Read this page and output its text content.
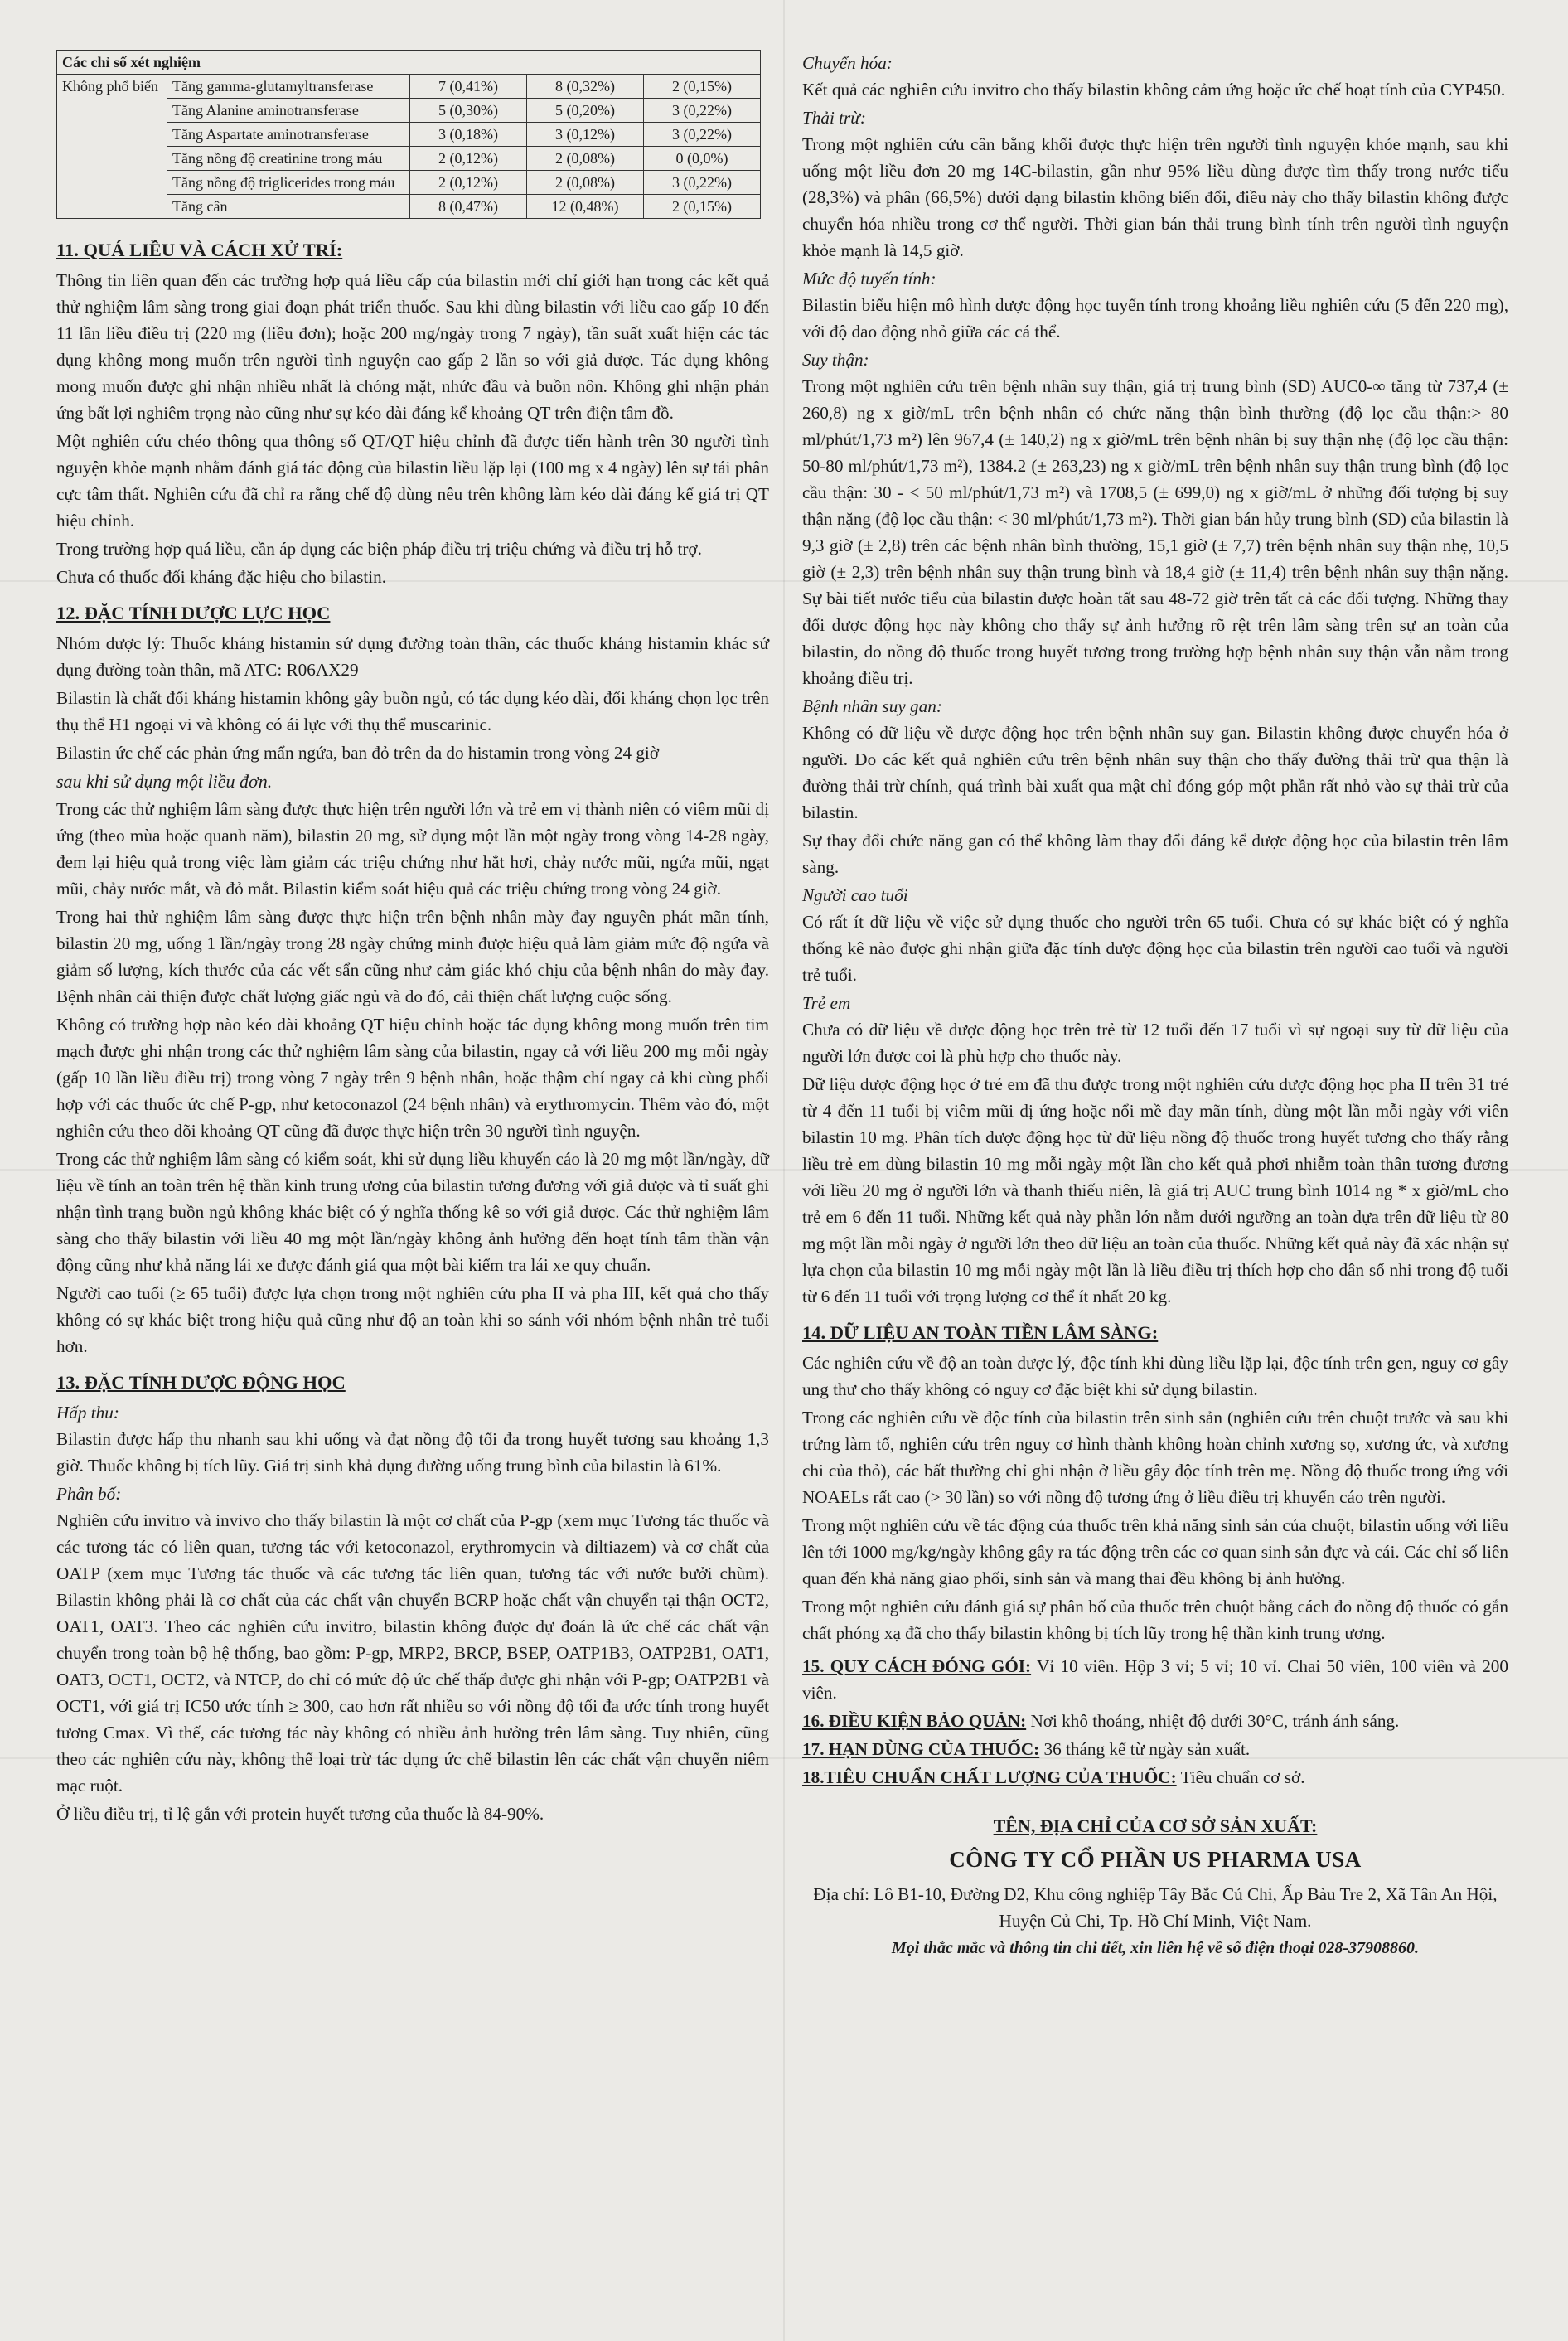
Các chỉ số xét nghiệm				
Không phổ biến	Tăng gamma-glutamyltransferase	7 (0,41%)	8 (0,32%)	2 (0,15%)
	Tăng Alanine aminotransferase	5 (0,30%)	5 (0,20%)	3 (0,22%)
	Tăng Aspartate aminotransferase	3 (0,18%)	3 (0,12%)	3 (0,22%)
	Tăng nồng độ creatinine trong máu	2 (0,12%)	2 (0,08%)	0 (0,0%)
	Tăng nồng độ triglicerides trong máu	2 (0,12%)	2 (0,08%)	3 (0,22%)
	Tăng cân	8 (0,47%)	12 (0,48%)	2 (0,15%)
11. QUÁ LIỀU VÀ CÁCH XỬ TRÍ:

Thông tin liên quan đến các trường hợp quá liều cấp của bilastin mới chỉ giới hạn trong các kết quả thử nghiệm lâm sàng trong giai đoạn phát triển thuốc. Sau khi dùng bilastin với liều cao gấp 10 đến 11 lần liều điều trị (220 mg (liều đơn); hoặc 200 mg/ngày trong 7 ngày), tần suất xuất hiện các tác dụng không mong muốn trên người tình nguyện cao gấp 2 lần so với giả dược. Tác dụng không mong muốn được ghi nhận nhiều nhất là chóng mặt, nhức đầu và buồn nôn. Không ghi nhận phản ứng bất lợi nghiêm trọng nào cũng như sự kéo dài đáng kể khoảng QT trên điện tâm đồ.

Một nghiên cứu chéo thông qua thông số QT/QT hiệu chỉnh đã được tiến hành trên 30 người tình nguyện khỏe mạnh nhằm đánh giá tác động của bilastin liều lặp lại (100 mg x 4 ngày) lên sự tái phân cực tâm thất. Nghiên cứu đã chỉ ra rằng chế độ dùng nêu trên không làm kéo dài đáng kể giá trị QT hiệu chỉnh.

Trong trường hợp quá liều, cần áp dụng các biện pháp điều trị triệu chứng và điều trị hỗ trợ.

Chưa có thuốc đối kháng đặc hiệu cho bilastin.

12. ĐẶC TÍNH DƯỢC LỰC HỌC

Nhóm dược lý: Thuốc kháng histamin sử dụng đường toàn thân, các thuốc kháng histamin khác sử dụng đường toàn thân, mã ATC: R06AX29

Bilastin là chất đối kháng histamin không gây buồn ngủ, có tác dụng kéo dài, đối kháng chọn lọc trên thụ thể H1 ngoại vi và không có ái lực với thụ thể muscarinic.

Bilastin ức chế các phản ứng mẩn ngứa, ban đỏ trên da do histamin trong vòng 24 giờ

sau khi sử dụng một liều đơn.

Trong các thử nghiệm lâm sàng được thực hiện trên người lớn và trẻ em vị thành niên có viêm mũi dị ứng (theo mùa hoặc quanh năm), bilastin 20 mg, sử dụng một lần một ngày trong vòng 14-28 ngày, đem lại hiệu quả trong việc làm giảm các triệu chứng như hắt hơi, chảy nước mũi, ngứa mũi, ngạt mũi, chảy nước mắt, và đỏ mắt. Bilastin kiểm soát hiệu quả các triệu chứng trong vòng 24 giờ.

Trong hai thử nghiệm lâm sàng được thực hiện trên bệnh nhân mày đay nguyên phát mãn tính, bilastin 20 mg, uống 1 lần/ngày trong 28 ngày chứng minh được hiệu quả làm giảm mức độ ngứa và giảm số lượng, kích thước của các vết sẩn cũng như cảm giác khó chịu của bệnh nhân do mày đay. Bệnh nhân cải thiện được chất lượng giấc ngủ và do đó, cải thiện chất lượng cuộc sống.

Không có trường hợp nào kéo dài khoảng QT hiệu chỉnh hoặc tác dụng không mong muốn trên tim mạch được ghi nhận trong các thử nghiệm lâm sàng của bilastin, ngay cả với liều 200 mg mỗi ngày (gấp 10 lần liều điều trị) trong vòng 7 ngày trên 9 bệnh nhân, hoặc thậm chí ngay cả khi cùng phối hợp với các thuốc ức chế P-gp, như ketoconazol (24 bệnh nhân) và erythromycin. Thêm vào đó, một nghiên cứu theo dõi khoảng QT cũng đã được thực hiện trên 30 người tình nguyện.

Trong các thử nghiệm lâm sàng có kiểm soát, khi sử dụng liều khuyến cáo là 20 mg một lần/ngày, dữ liệu về tính an toàn trên hệ thần kinh trung ương của bilastin tương đương với giả dược và tỉ suất ghi nhận tình trạng buồn ngủ không khác biệt có ý nghĩa thống kê so với giả dược. Các thử nghiệm lâm sàng cho thấy bilastin với liều 40 mg một lần/ngày không ảnh hưởng đến hoạt tính tâm thần vận động cũng như khả năng lái xe được đánh giá qua một bài kiểm tra lái xe quy chuẩn.

Người cao tuổi (≥ 65 tuổi) được lựa chọn trong một nghiên cứu pha II và pha III, kết quả cho thấy không có sự khác biệt trong hiệu quả cũng như độ an toàn khi so sánh với nhóm bệnh nhân trẻ tuổi hơn.

13. ĐẶC TÍNH DƯỢC ĐỘNG HỌC
Hấp thu:

Bilastin được hấp thu nhanh sau khi uống và đạt nồng độ tối đa trong huyết tương sau khoảng 1,3 giờ. Thuốc không bị tích lũy. Giá trị sinh khả dụng đường uống trung bình của bilastin là 61%.

Phân bố:

Nghiên cứu invitro và invivo cho thấy bilastin là một cơ chất của P-gp (xem mục Tương tác thuốc và các tương tác có liên quan, tương tác với ketoconazol, erythromycin và diltiazem) và cơ chất của OATP (xem mục Tương tác thuốc và các tương tác liên quan, tương tác với nước bưởi chùm). Bilastin không phải là cơ chất của các chất vận chuyển BCRP hoặc chất vận chuyển tại thận OCT2, OAT1, OAT3. Theo các nghiên cứu invitro, bilastin không được dự đoán là ức chế các chất vận chuyển trong toàn bộ hệ thống, bao gồm: P-gp, MRP2, BRCP, BSEP, OATP1B3, OATP2B1, OAT1, OAT3, OCT1, OCT2, và NTCP, do chỉ có mức độ ức chế thấp được ghi nhận với P-gp; OATP2B1 và OCT1, với giá trị IC50 ước tính ≥ 300, cao hơn rất nhiều so với nồng độ tối đa ước tính trong huyết tương Cmax. Vì thế, các tương tác này không có nhiều ảnh hưởng trên lâm sàng. Tuy nhiên, cũng theo các nghiên cứu này, không thể loại trừ tác dụng ức chế bilastin lên các chất vận chuyển niêm mạc ruột.

Ở liều điều trị, tỉ lệ gắn với protein huyết tương của thuốc là 84-90%.

Chuyển hóa:

Kết quả các nghiên cứu invitro cho thấy bilastin không cảm ứng hoặc ức chế hoạt tính của CYP450.

Thải trừ:

Trong một nghiên cứu cân bằng khối được thực hiện trên người tình nguyện khỏe mạnh, sau khi uống một liều đơn 20 mg 14C-bilastin, gần như 95% liều dùng được tìm thấy trong nước tiểu (28,3%) và phân (66,5%) dưới dạng bilastin không biến đổi, điều này cho thấy bilastin không được chuyển hóa nhiều trong cơ thể người. Thời gian bán thải trung bình tính trên người tình nguyện khỏe mạnh là 14,5 giờ.

Mức độ tuyến tính:

Bilastin biểu hiện mô hình dược động học tuyến tính trong khoảng liều nghiên cứu (5 đến 220 mg), với độ dao động nhỏ giữa các cá thể.

Suy thận:

Trong một nghiên cứu trên bệnh nhân suy thận, giá trị trung bình (SD) AUC0-∞ tăng từ 737,4 (± 260,8) ng x giờ/mL trên bệnh nhân có chức năng thận bình thường (độ lọc cầu thận:> 80 ml/phút/1,73 m²) lên 967,4 (± 140,2) ng x giờ/mL trên bệnh nhân bị suy thận nhẹ (độ lọc cầu thận: 50-80 ml/phút/1,73 m²), 1384.2 (± 263,23) ng x giờ/mL trên bệnh nhân suy thận trung bình (độ lọc cầu thận: 30 - < 50 ml/phút/1,73 m²) và 1708,5 (± 699,0) ng x giờ/mL ở những đối tượng bị suy thận nặng (độ lọc cầu thận: < 30 ml/phút/1,73 m²). Thời gian bán hủy trung bình (SD) của bilastin là 9,3 giờ (± 2,8) trên các bệnh nhân bình thường, 15,1 giờ (± 7,7) trên bệnh nhân suy thận nhẹ, 10,5 giờ (± 2,3) trên bệnh nhân suy thận trung bình và 18,4 giờ (± 11,4) trên bệnh nhân suy thận nặng. Sự bài tiết nước tiểu của bilastin được hoàn tất sau 48-72 giờ trên tất cả các đối tượng. Những thay đổi dược động học này không cho thấy sự ảnh hưởng rõ rệt trên lâm sàng trên sự an toàn của bilastin, do nồng độ thuốc trong huyết tương trong trường hợp bệnh nhân suy thận vẫn nằm trong khoảng điều trị.

Bệnh nhân suy gan:

Không có dữ liệu về dược động học trên bệnh nhân suy gan. Bilastin không được chuyển hóa ở người. Do các kết quả nghiên cứu trên bệnh nhân suy thận cho thấy đường thải trừ qua thận là đường thải trừ chính, quá trình bài xuất qua mật chỉ đóng góp một phần rất nhỏ vào sự thải trừ của bilastin.

Sự thay đổi chức năng gan có thể không làm thay đổi đáng kể dược động học của bilastin trên lâm sàng.

Người cao tuổi

Có rất ít dữ liệu về việc sử dụng thuốc cho người trên 65 tuổi. Chưa có sự khác biệt có ý nghĩa thống kê nào được ghi nhận giữa đặc tính dược động học của bilastin trên người cao tuổi và người trẻ tuổi.

Trẻ em

Chưa có dữ liệu về dược động học trên trẻ từ 12 tuổi đến 17 tuổi vì sự ngoại suy từ dữ liệu của người lớn được coi là phù hợp cho thuốc này.

Dữ liệu dược động học ở trẻ em đã thu được trong một nghiên cứu dược động học pha II trên 31 trẻ từ 4 đến 11 tuổi bị viêm mũi dị ứng hoặc nổi mề đay mãn tính, dùng một lần mỗi ngày với viên bilastin 10 mg. Phân tích dược động học từ dữ liệu nồng độ thuốc trong huyết tương cho thấy rằng liều trẻ em dùng bilastin 10 mg mỗi ngày một lần cho kết quả phơi nhiễm toàn thân tương đương với liều 20 mg ở người lớn và thanh thiếu niên, là giá trị AUC trung bình 1014 ng * x giờ/mL cho trẻ em 6 đến 11 tuổi. Những kết quả này phần lớn nằm dưới ngưỡng an toàn dựa trên dữ liệu từ 80 mg một lần mỗi ngày ở người lớn theo dữ liệu an toàn của thuốc. Những kết quả này đã xác nhận sự lựa chọn của bilastin 10 mg mỗi ngày một lần là liều điều trị thích hợp cho dân số nhi trong độ tuổi từ 6 đến 11 tuổi với trọng lượng cơ thể ít nhất 20 kg.

14. DỮ LIỆU AN TOÀN TIỀN LÂM SÀNG:

Các nghiên cứu về độ an toàn dược lý, độc tính khi dùng liều lặp lại, độc tính trên gen, nguy cơ gây ung thư cho thấy không có nguy cơ đặc biệt khi sử dụng bilastin.

Trong các nghiên cứu về độc tính của bilastin trên sinh sản (nghiên cứu trên chuột trước và sau khi trứng làm tổ, nghiên cứu trên nguy cơ hình thành không hoàn chỉnh xương sọ, xương ức, và xương chi của thỏ), các bất thường chỉ ghi nhận ở liều gây độc tính trên mẹ. Nồng độ thuốc trong ứng với NOAELs rất cao (> 30 lần) so với nồng độ tương ứng ở liều điều trị khuyến cáo trên người.

Trong một nghiên cứu về tác động của thuốc trên khả năng sinh sản của chuột, bilastin uống với liều lên tới 1000 mg/kg/ngày không gây ra tác động trên các cơ quan sinh sản đực và cái. Các chỉ số liên quan đến khả năng giao phối, sinh sản và mang thai đều không bị ảnh hưởng.

Trong một nghiên cứu đánh giá sự phân bố của thuốc trên chuột bằng cách đo nồng độ thuốc có gắn chất phóng xạ đã cho thấy bilastin không bị tích lũy trong hệ thần kinh trung ương.

15. QUY CÁCH ĐÓNG GÓI: Vỉ 10 viên. Hộp 3 vỉ; 5 vỉ; 10 vỉ. Chai 50 viên, 100 viên và 200 viên.

16. ĐIỀU KIỆN BẢO QUẢN: Nơi khô thoáng, nhiệt độ dưới 30°C, tránh ánh sáng.

17. HẠN DÙNG CỦA THUỐC: 36 tháng kể từ ngày sản xuất.

18.TIÊU CHUẨN CHẤT LƯỢNG CỦA THUỐC: Tiêu chuẩn cơ sở.

TÊN, ĐỊA CHỈ CỦA CƠ SỞ SẢN XUẤT:
CÔNG TY CỔ PHẦN US PHARMA USA
Địa chỉ: Lô B1-10, Đường D2, Khu công nghiệp Tây Bắc Củ Chi, Ấp Bàu Tre 2, Xã Tân An Hội, Huyện Củ Chi, Tp. Hồ Chí Minh, Việt Nam.
Mọi thắc mắc và thông tin chi tiết, xin liên hệ về số điện thoại 028-37908860.
